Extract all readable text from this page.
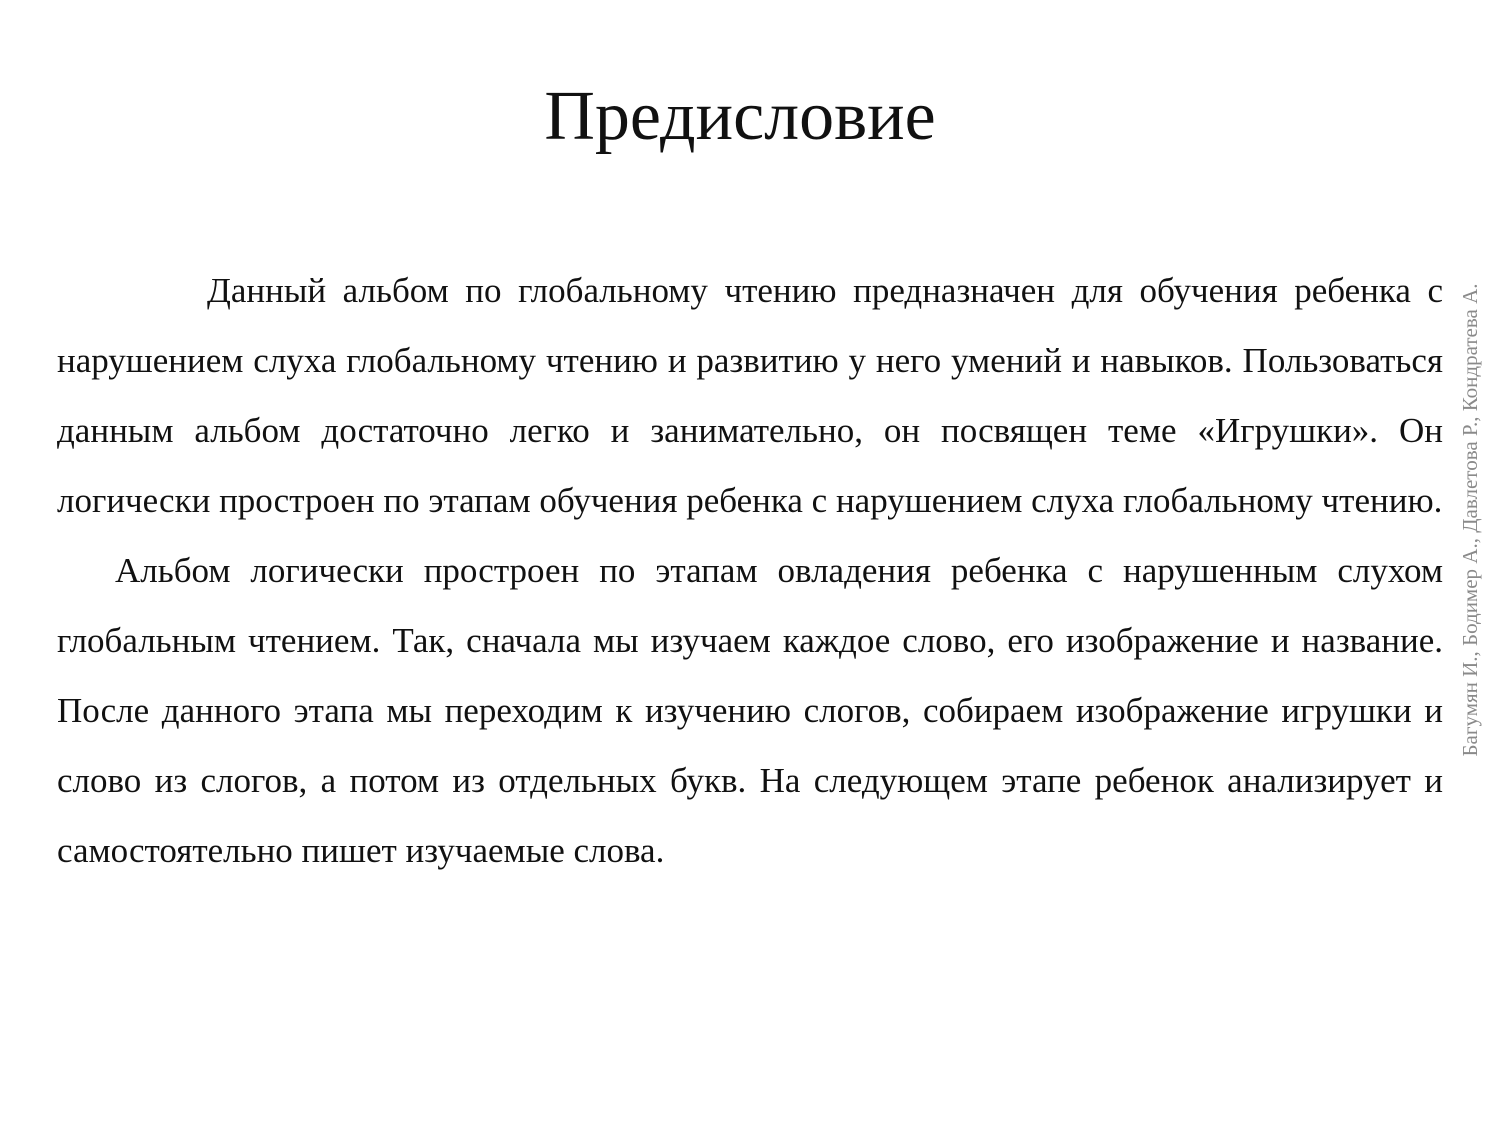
Предисловие

Данный альбом по глобальному чтению предназначен для обучения ребенка с нарушением слуха глобальному чтению и развитию у него умений и навыков. Пользоваться данным альбом достаточно легко и занимательно, он посвящен теме «Игрушки». Он логически простроен по этапам обучения ребенка с нарушением слуха глобальному чтению.

Альбом логически простроен по этапам овладения ребенка с нарушенным слухом глобальным чтением. Так, сначала мы изучаем каждое слово, его изображение и название. После данного этапа мы переходим к изучению слогов, собираем изображение игрушки и слово из слогов, а потом из отдельных букв. На следующем этапе ребенок анализирует и самостоятельно пишет изучаемые слова.

Багумян И., Бодимер А., Давлетова Р., Кондратева А.
